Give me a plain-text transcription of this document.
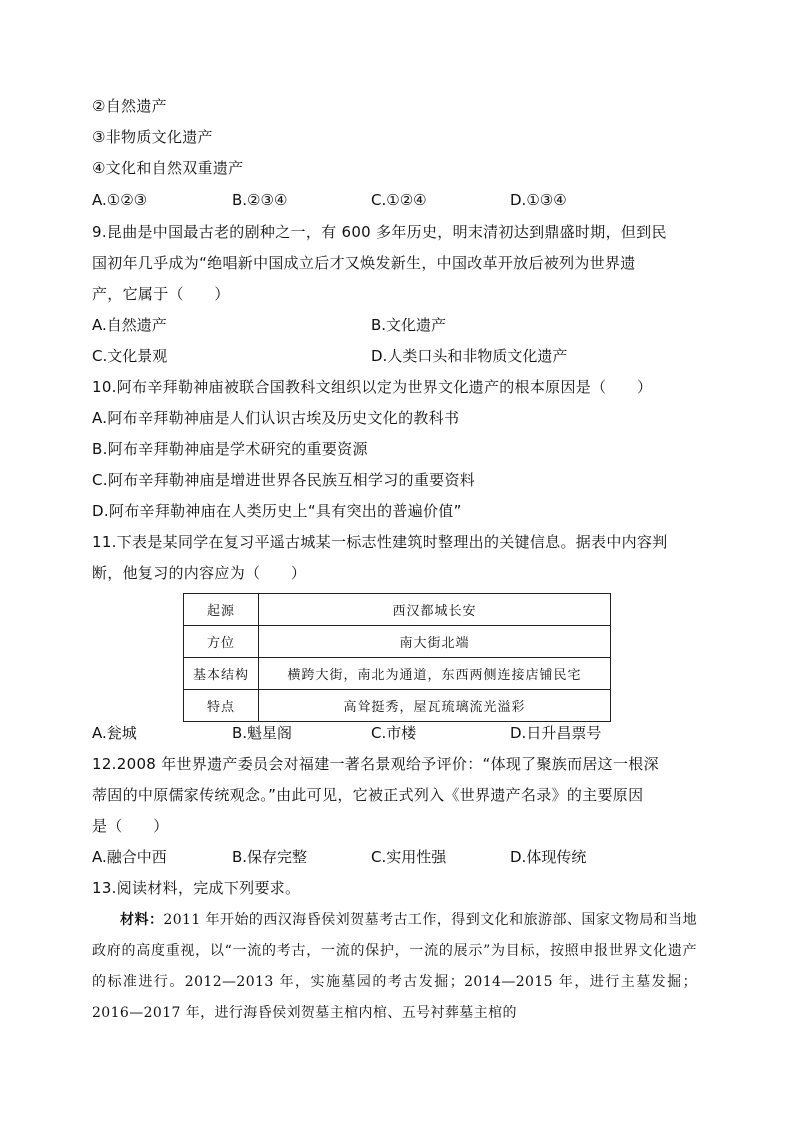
②自然遗产
③非物质文化遗产
④文化和自然双重遗产
A.①②③	B.②③④	C.①②④	D.①③④
9.昆曲是中国最古老的剧种之一，有 600 多年历史，明末清初达到鼎盛时期，但到民
国初年几乎成为“绝唱新中国成立后才又焕发新生，中国改革开放后被列为世界遗
产，它属于（　　）
A.自然遗产	B.文化遗产
C.文化景观	D.人类口头和非物质文化遗产
10.阿布辛拜勒神庙被联合国教科文组织以定为世界文化遗产的根本原因是（　　）
A.阿布辛拜勒神庙是人们认识古埃及历史文化的教科书
B.阿布辛拜勒神庙是学术研究的重要资源
C.阿布辛拜勒神庙是增进世界各民族互相学习的重要资料
D.阿布辛拜勒神庙在人类历史上“具有突出的普遍价值”
11.下表是某同学在复习平遥古城某一标志性建筑时整理出的关键信息。据表中内容判
断，他复习的内容应为（　　）
起源	西汉都城长安
方位	南大街北端
基本结构	横跨大街，南北为通道，东西两侧连接店铺民宅
特点	高耸挺秀，屋瓦琉璃流光溢彩
A.瓮城	B.魁星阁	C.市楼	D.日升昌票号
12.2008 年世界遗产委员会对福建一著名景观给予评价：“体现了聚族而居这一根深
蒂固的中原儒家传统观念。”由此可见，它被正式列入《世界遗产名录》的主要原因
是（　　）
A.融合中西	B.保存完整	C.实用性强	D.体现传统
13.阅读材料，完成下列要求。
材料：2011 年开始的西汉海昏侯刘贺墓考古工作，得到文化和旅游部、国家文物局和当地政府的高度重视，以“一流的考古，一流的保护，一流的展示”为目标，按照申报世界文化遗产的标准进行。2012—2013 年，实施墓园的考古发掘；2014—2015 年，进行主墓发掘；2016—2017 年，进行海昏侯刘贺墓主棺内棺、五号衬葬墓主棺的
